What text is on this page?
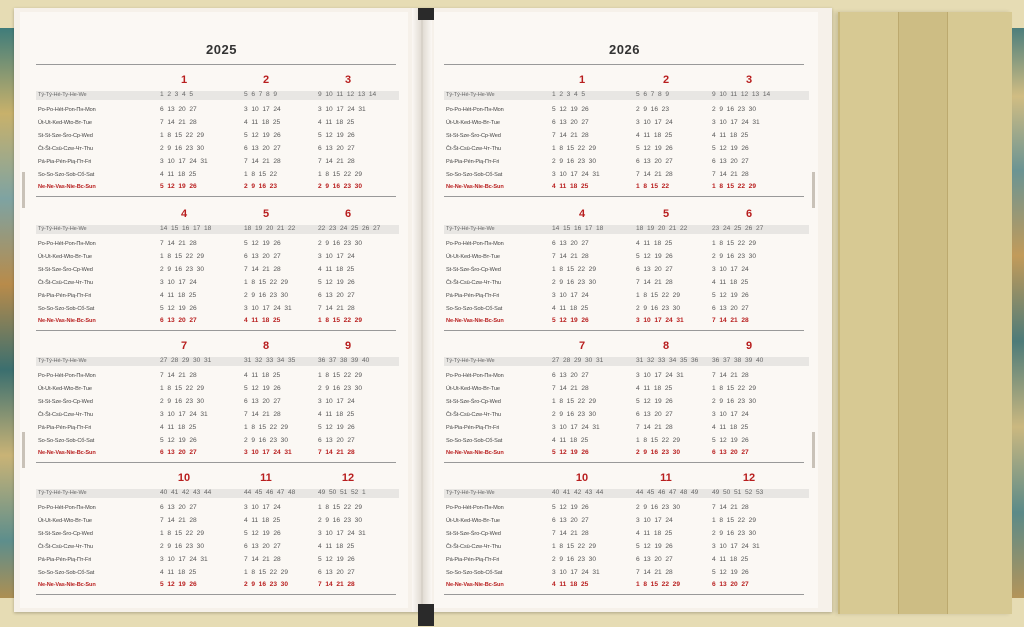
2025
Tý-Tý-Hé-Ty-He-We
Po-Po-Hét-Pon-Пн-Mon
Út-Ut-Ked-Wto-Вт-Tue
St-St-Sze-Śro-Ср-Wed
Čt-Št-Csü-Czw-Чт-Thu
Pá-Pia-Pén-Pią-Пт-Fri
So-So-Szo-Sob-Сб-Sat
Ne-Ne-Vas-Nie-Вс-Sun
1
1  2  3  4  5
6  13  20  27
7  14  21  28
1  8  15  22  29
2  9  16  23  30
3  10  17  24  31
4  11  18  25
5  12  19  26
2
5  6  7  8  9
3  10  17  24
4  11  18  25
5  12  19  26
6  13  20  27
7  14  21  28
1  8  15  22
2  9  16  23
3
9  10  11  12  13  14
3  10  17  24  31
4  11  18  25
5  12  19  26
6  13  20  27
7  14  21  28
1  8  15  22  29
2  9  16  23  30
Tý-Tý-Hé-Ty-He-We
Po-Po-Hét-Pon-Пн-Mon
Út-Ut-Ked-Wto-Вт-Tue
St-St-Sze-Śro-Ср-Wed
Čt-Št-Csü-Czw-Чт-Thu
Pá-Pia-Pén-Pią-Пт-Fri
So-So-Szo-Sob-Сб-Sat
Ne-Ne-Vas-Nie-Вс-Sun
4
14  15  16  17  18
7  14  21  28
1  8  15  22  29
2  9  16  23  30
3  10  17  24
4  11  18  25
5  12  19  26
6  13  20  27
5
18  19  20  21  22
5  12  19  26
6  13  20  27
7  14  21  28
1  8  15  22  29
2  9  16  23  30
3  10  17  24  31
4  11  18  25
6
22  23  24  25  26  27
2  9  16  23  30
3  10  17  24
4  11  18  25
5  12  19  26
6  13  20  27
7  14  21  28
1  8  15  22  29
Tý-Tý-Hé-Ty-He-We
Po-Po-Hét-Pon-Пн-Mon
Út-Ut-Ked-Wto-Вт-Tue
St-St-Sze-Śro-Ср-Wed
Čt-Št-Csü-Czw-Чт-Thu
Pá-Pia-Pén-Pią-Пт-Fri
So-So-Szo-Sob-Сб-Sat
Ne-Ne-Vas-Nie-Вс-Sun
7
27  28  29  30  31
7  14  21  28
1  8  15  22  29
2  9  16  23  30
3  10  17  24  31
4  11  18  25
5  12  19  26
6  13  20  27
8
31  32  33  34  35
4  11  18  25
5  12  19  26
6  13  20  27
7  14  21  28
1  8  15  22  29
2  9  16  23  30
3  10  17  24  31
9
36  37  38  39  40
1  8  15  22  29
2  9  16  23  30
3  10  17  24
4  11  18  25
5  12  19  26
6  13  20  27
7  14  21  28
Tý-Tý-Hé-Ty-He-We
Po-Po-Hét-Pon-Пн-Mon
Út-Ut-Ked-Wto-Вт-Tue
St-St-Sze-Śro-Ср-Wed
Čt-Št-Csü-Czw-Чт-Thu
Pá-Pia-Pén-Pią-Пт-Fri
So-So-Szo-Sob-Сб-Sat
Ne-Ne-Vas-Nie-Вс-Sun
10
40  41  42  43  44
6  13  20  27
7  14  21  28
1  8  15  22  29
2  9  16  23  30
3  10  17  24  31
4  11  18  25
5  12  19  26
11
44  45  46  47  48
3  10  17  24
4  11  18  25
5  12  19  26
6  13  20  27
7  14  21  28
1  8  15  22  29
2  9  16  23  30
12
49  50  51  52  1
1  8  15  22  29
2  9  16  23  30
3  10  17  24  31
4  11  18  25
5  12  19  26
6  13  20  27
7  14  21  28
2026
Tý-Tý-Hé-Ty-He-We
Po-Po-Hét-Pon-Пн-Mon
Út-Ut-Ked-Wto-Вт-Tue
St-St-Sze-Śro-Ср-Wed
Čt-Št-Csü-Czw-Чт-Thu
Pá-Pia-Pén-Pią-Пт-Fri
So-So-Szo-Sob-Сб-Sat
Ne-Ne-Vas-Nie-Вс-Sun
1
1  2  3  4  5
5  12  19  26
6  13  20  27
7  14  21  28
1  8  15  22  29
2  9  16  23  30
3  10  17  24  31
4  11  18  25
2
5  6  7  8  9
2  9  16  23
3  10  17  24
4  11  18  25
5  12  19  26
6  13  20  27
7  14  21  28
1  8  15  22
3
9  10  11  12  13  14
2  9  16  23  30
3  10  17  24  31
4  11  18  25
5  12  19  26
6  13  20  27
7  14  21  28
1  8  15  22  29
Tý-Tý-Hé-Ty-He-We
Po-Po-Hét-Pon-Пн-Mon
Út-Ut-Ked-Wto-Вт-Tue
St-St-Sze-Śro-Ср-Wed
Čt-Št-Csü-Czw-Чт-Thu
Pá-Pia-Pén-Pią-Пт-Fri
So-So-Szo-Sob-Сб-Sat
Ne-Ne-Vas-Nie-Вс-Sun
4
14  15  16  17  18
6  13  20  27
7  14  21  28
1  8  15  22  29
2  9  16  23  30
3  10  17  24
4  11  18  25
5  12  19  26
5
18  19  20  21  22
4  11  18  25
5  12  19  26
6  13  20  27
7  14  21  28
1  8  15  22  29
2  9  16  23  30
3  10  17  24  31
6
23  24  25  26  27
1  8  15  22  29
2  9  16  23  30
3  10  17  24
4  11  18  25
5  12  19  26
6  13  20  27
7  14  21  28
Tý-Tý-Hé-Ty-He-We
Po-Po-Hét-Pon-Пн-Mon
Út-Ut-Ked-Wto-Вт-Tue
St-St-Sze-Śro-Ср-Wed
Čt-Št-Csü-Czw-Чт-Thu
Pá-Pia-Pén-Pią-Пт-Fri
So-So-Szo-Sob-Сб-Sat
Ne-Ne-Vas-Nie-Вс-Sun
7
27  28  29  30  31
6  13  20  27
7  14  21  28
1  8  15  22  29
2  9  16  23  30
3  10  17  24  31
4  11  18  25
5  12  19  26
8
31  32  33  34  35  36
3  10  17  24  31
4  11  18  25
5  12  19  26
6  13  20  27
7  14  21  28
1  8  15  22  29
2  9  16  23  30
9
36  37  38  39  40
7  14  21  28
1  8  15  22  29
2  9  16  23  30
3  10  17  24
4  11  18  25
5  12  19  26
6  13  20  27
Tý-Tý-Hé-Ty-He-We
Po-Po-Hét-Pon-Пн-Mon
Út-Ut-Ked-Wto-Вт-Tue
St-St-Sze-Śro-Ср-Wed
Čt-Št-Csü-Czw-Чт-Thu
Pá-Pia-Pén-Pią-Пт-Fri
So-So-Szo-Sob-Сб-Sat
Ne-Ne-Vas-Nie-Вс-Sun
10
40  41  42  43  44
5  12  19  26
6  13  20  27
7  14  21  28
1  8  15  22  29
2  9  16  23  30
3  10  17  24  31
4  11  18  25
11
44  45  46  47  48  49
2  9  16  23  30
3  10  17  24
4  11  18  25
5  12  19  26
6  13  20  27
7  14  21  28
1  8  15  22  29
12
49  50  51  52  53
7  14  21  28
1  8  15  22  29
2  9  16  23  30
3  10  17  24  31
4  11  18  25
5  12  19  26
6  13  20  27
